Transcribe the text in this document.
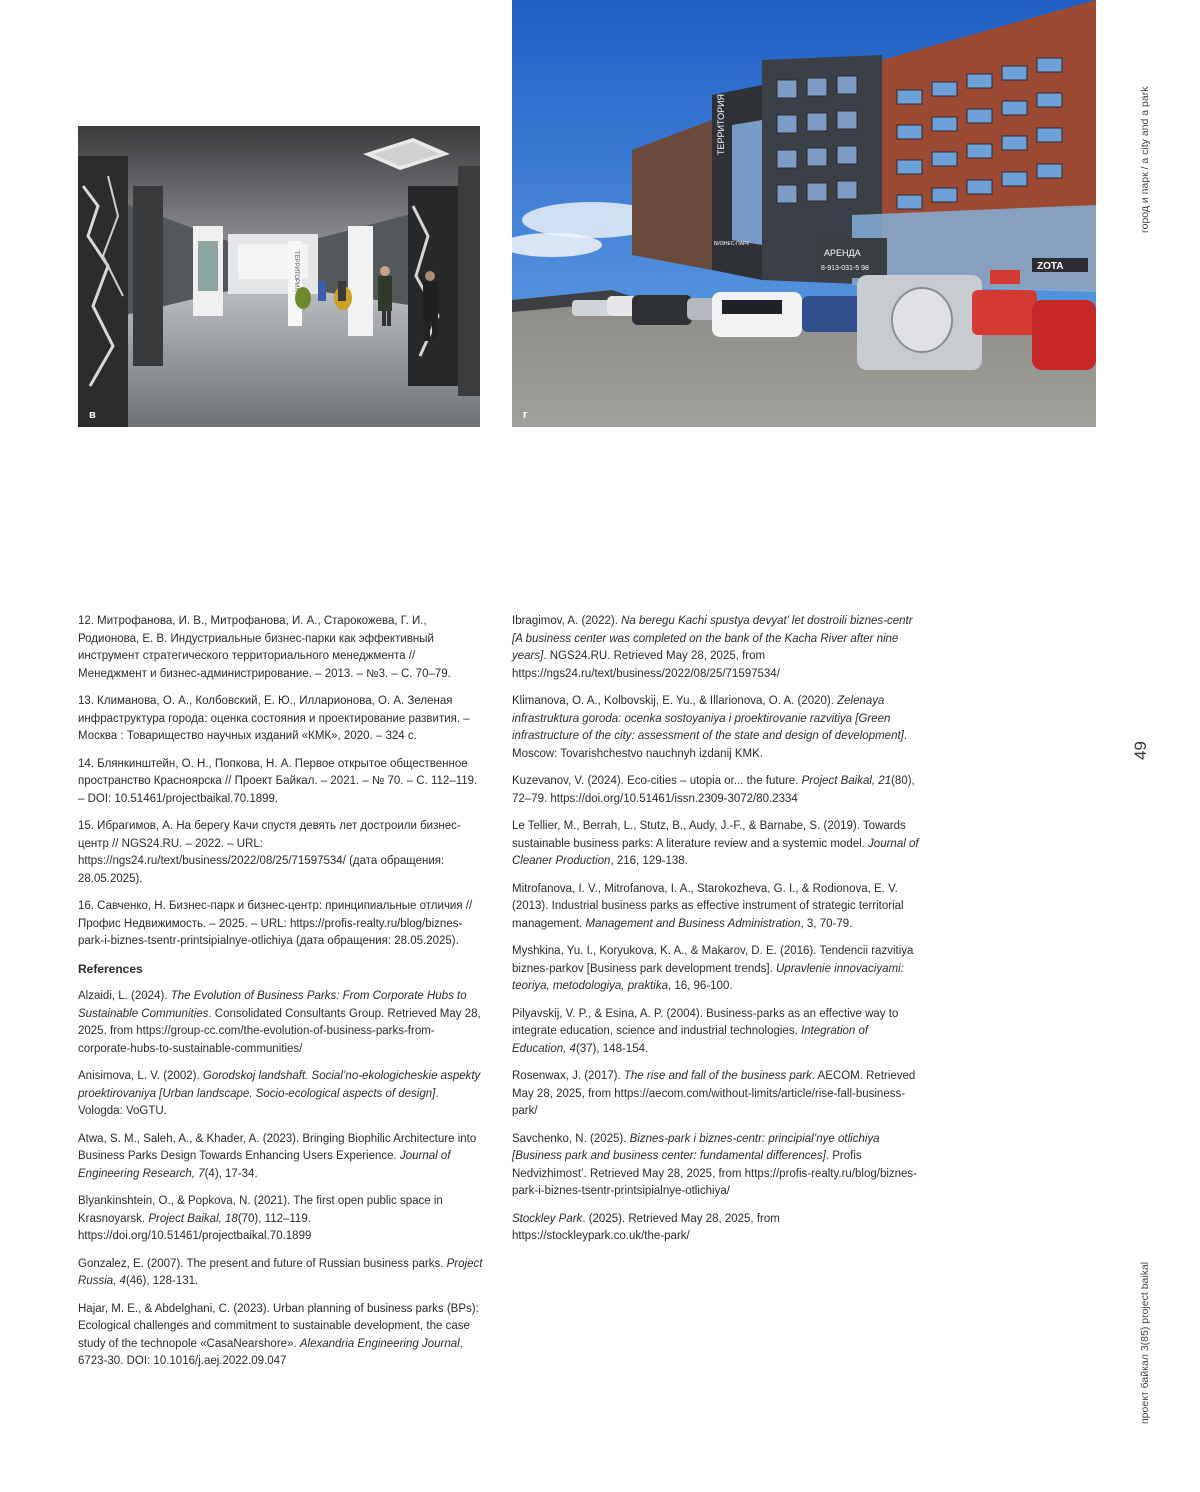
ТЕРРИТОРИЯ
в
ТЕРРИТОРИЯ
БИЗНЕС-ПАРК
АРЕНДА
8-913-031-5 98	ZOTA
г

12. Митрофанова, И. В., Митрофанова, И. А., Старокожева, Г. И., Родионова, Е. В. Индустриальные бизнес-парки как эффективный инструмент стратегического территориального менеджмента // Менеджмент и бизнес-администрирование. – 2013. – №3. – С. 70–79.

13. Климанова, О. А., Колбовский, Е. Ю., Илларионова, О. А. Зеленая инфраструктура города: оценка состояния и проектирование развития. – Москва : Товарищество научных изданий «КМК», 2020. – 324 с.

14. Блянкинштейн, О. Н., Попкова, Н. А. Первое открытое общественное пространство Красноярска // Проект Байкал. – 2021. – № 70. – С. 112–119. – DOI: 10.51461/projectbaikal.70.1899.

15. Ибрагимов, А. На берегу Качи спустя девять лет достроили бизнес-центр // NGS24.RU. – 2022. – URL: https://ngs24.ru/text/business/2022/08/25/71597534/ (дата обращения: 28.05.2025).

16. Савченко, Н. Бизнес-парк и бизнес-центр: принципиальные отличия // Профис Недвижимость. – 2025. – URL: https://profis-realty.ru/blog/biznes-park-i-biznes-tsentr-printsipialnye-otlichiya (дата обращения: 28.05.2025).

References

Alzaidi, L. (2024). The Evolution of Business Parks: From Corporate Hubs to Sustainable Communities. Consolidated Consultants Group. Retrieved May 28, 2025, from https://group-cc.com/the-evolution-of-business-parks-from-corporate-hubs-to-sustainable-communities/

Anisimova, L. V. (2002). Gorodskoj landshaft. Social’no-ekologicheskie aspekty proektirovaniya [Urban landscape. Socio-ecological aspects of design]. Vologda: VoGTU.

Atwa, S. M., Saleh, A., & Khader, A. (2023). Bringing Biophilic Architecture into Business Parks Design Towards Enhancing Users Experience. Journal of Engineering Research, 7(4), 17-34.

Blyankinshtein, O., & Popkova, N. (2021). The first open public space in Krasnoyarsk. Project Baikal, 18(70), 112–119. https://doi.org/10.51461/projectbaikal.70.1899

Gonzalez, E. (2007). The present and future of Russian business parks. Project Russia, 4(46), 128-131.

Hajar, M. E., & Abdelghani, C. (2023). Urban planning of business parks (BPs): Ecological challenges and commitment to sustainable development, the case study of the technopole «CasaNearshore». Alexandria Engineering Journal, 6723-30. DOI: 10.1016/j.aej.2022.09.047

Ibragimov, A. (2022). Na beregu Kachi spustya devyat’ let dostroili biznes-centr [A business center was completed on the bank of the Kacha River after nine years]. NGS24.RU. Retrieved May 28, 2025, from https://ngs24.ru/text/business/2022/08/25/71597534/

Klimanova, O. A., Kolbovskij, E. Yu., & Illarionova, O. A. (2020). Zelenaya infrastruktura goroda: ocenka sostoyaniya i proektirovanie razvitiya [Green infrastructure of the city: assessment of the state and design of development]. Moscow: Tovarishchestvo nauchnyh izdanij KMK.

Kuzevanov, V. (2024). Eco-cities – utopia or... the future. Project Baikal, 21(80), 72–79. https://doi.org/10.51461/issn.2309-3072/80.2334

Le Tellier, M., Berrah, L., Stutz, B., Audy, J.-F., & Barnabe, S. (2019). Towards sustainable business parks: A literature review and a systemic model. Journal of Cleaner Production, 216, 129-138.

Mitrofanova, I. V., Mitrofanova, I. A., Starokozheva, G. I., & Rodionova, E. V. (2013). Industrial business parks as effective instrument of strategic territorial management. Management and Business Administration, 3, 70-79.

Myshkina, Yu. I., Koryukova, K. A., & Makarov, D. E. (2016). Tendencii razvitiya biznes-parkov [Business park development trends]. Upravlenie innovaciyami: teoriya, metodologiya, praktika, 16, 96-100.

Pilyavskij, V. P., & Esina, A. P. (2004). Business-parks as an effective way to integrate education, science and industrial technologies. Integration of Education, 4(37), 148-154.

Rosenwax, J. (2017). The rise and fall of the business park. AECOM. Retrieved May 28, 2025, from https://aecom.com/without-limits/article/rise-fall-business-park/

Savchenko, N. (2025). Biznes-park i biznes-centr: principial’nye otlichiya [Business park and business center: fundamental differences]. Profis Nedvizhimost’. Retrieved May 28, 2025, from https://profis-realty.ru/blog/biznes-park-i-biznes-tsentr-printsipialnye-otlichiya/

Stockley Park. (2025). Retrieved May 28, 2025, from https://stockleypark.co.uk/the-park/

город и парк / a city and a park
49
проект байкал 3(85) project baikal
